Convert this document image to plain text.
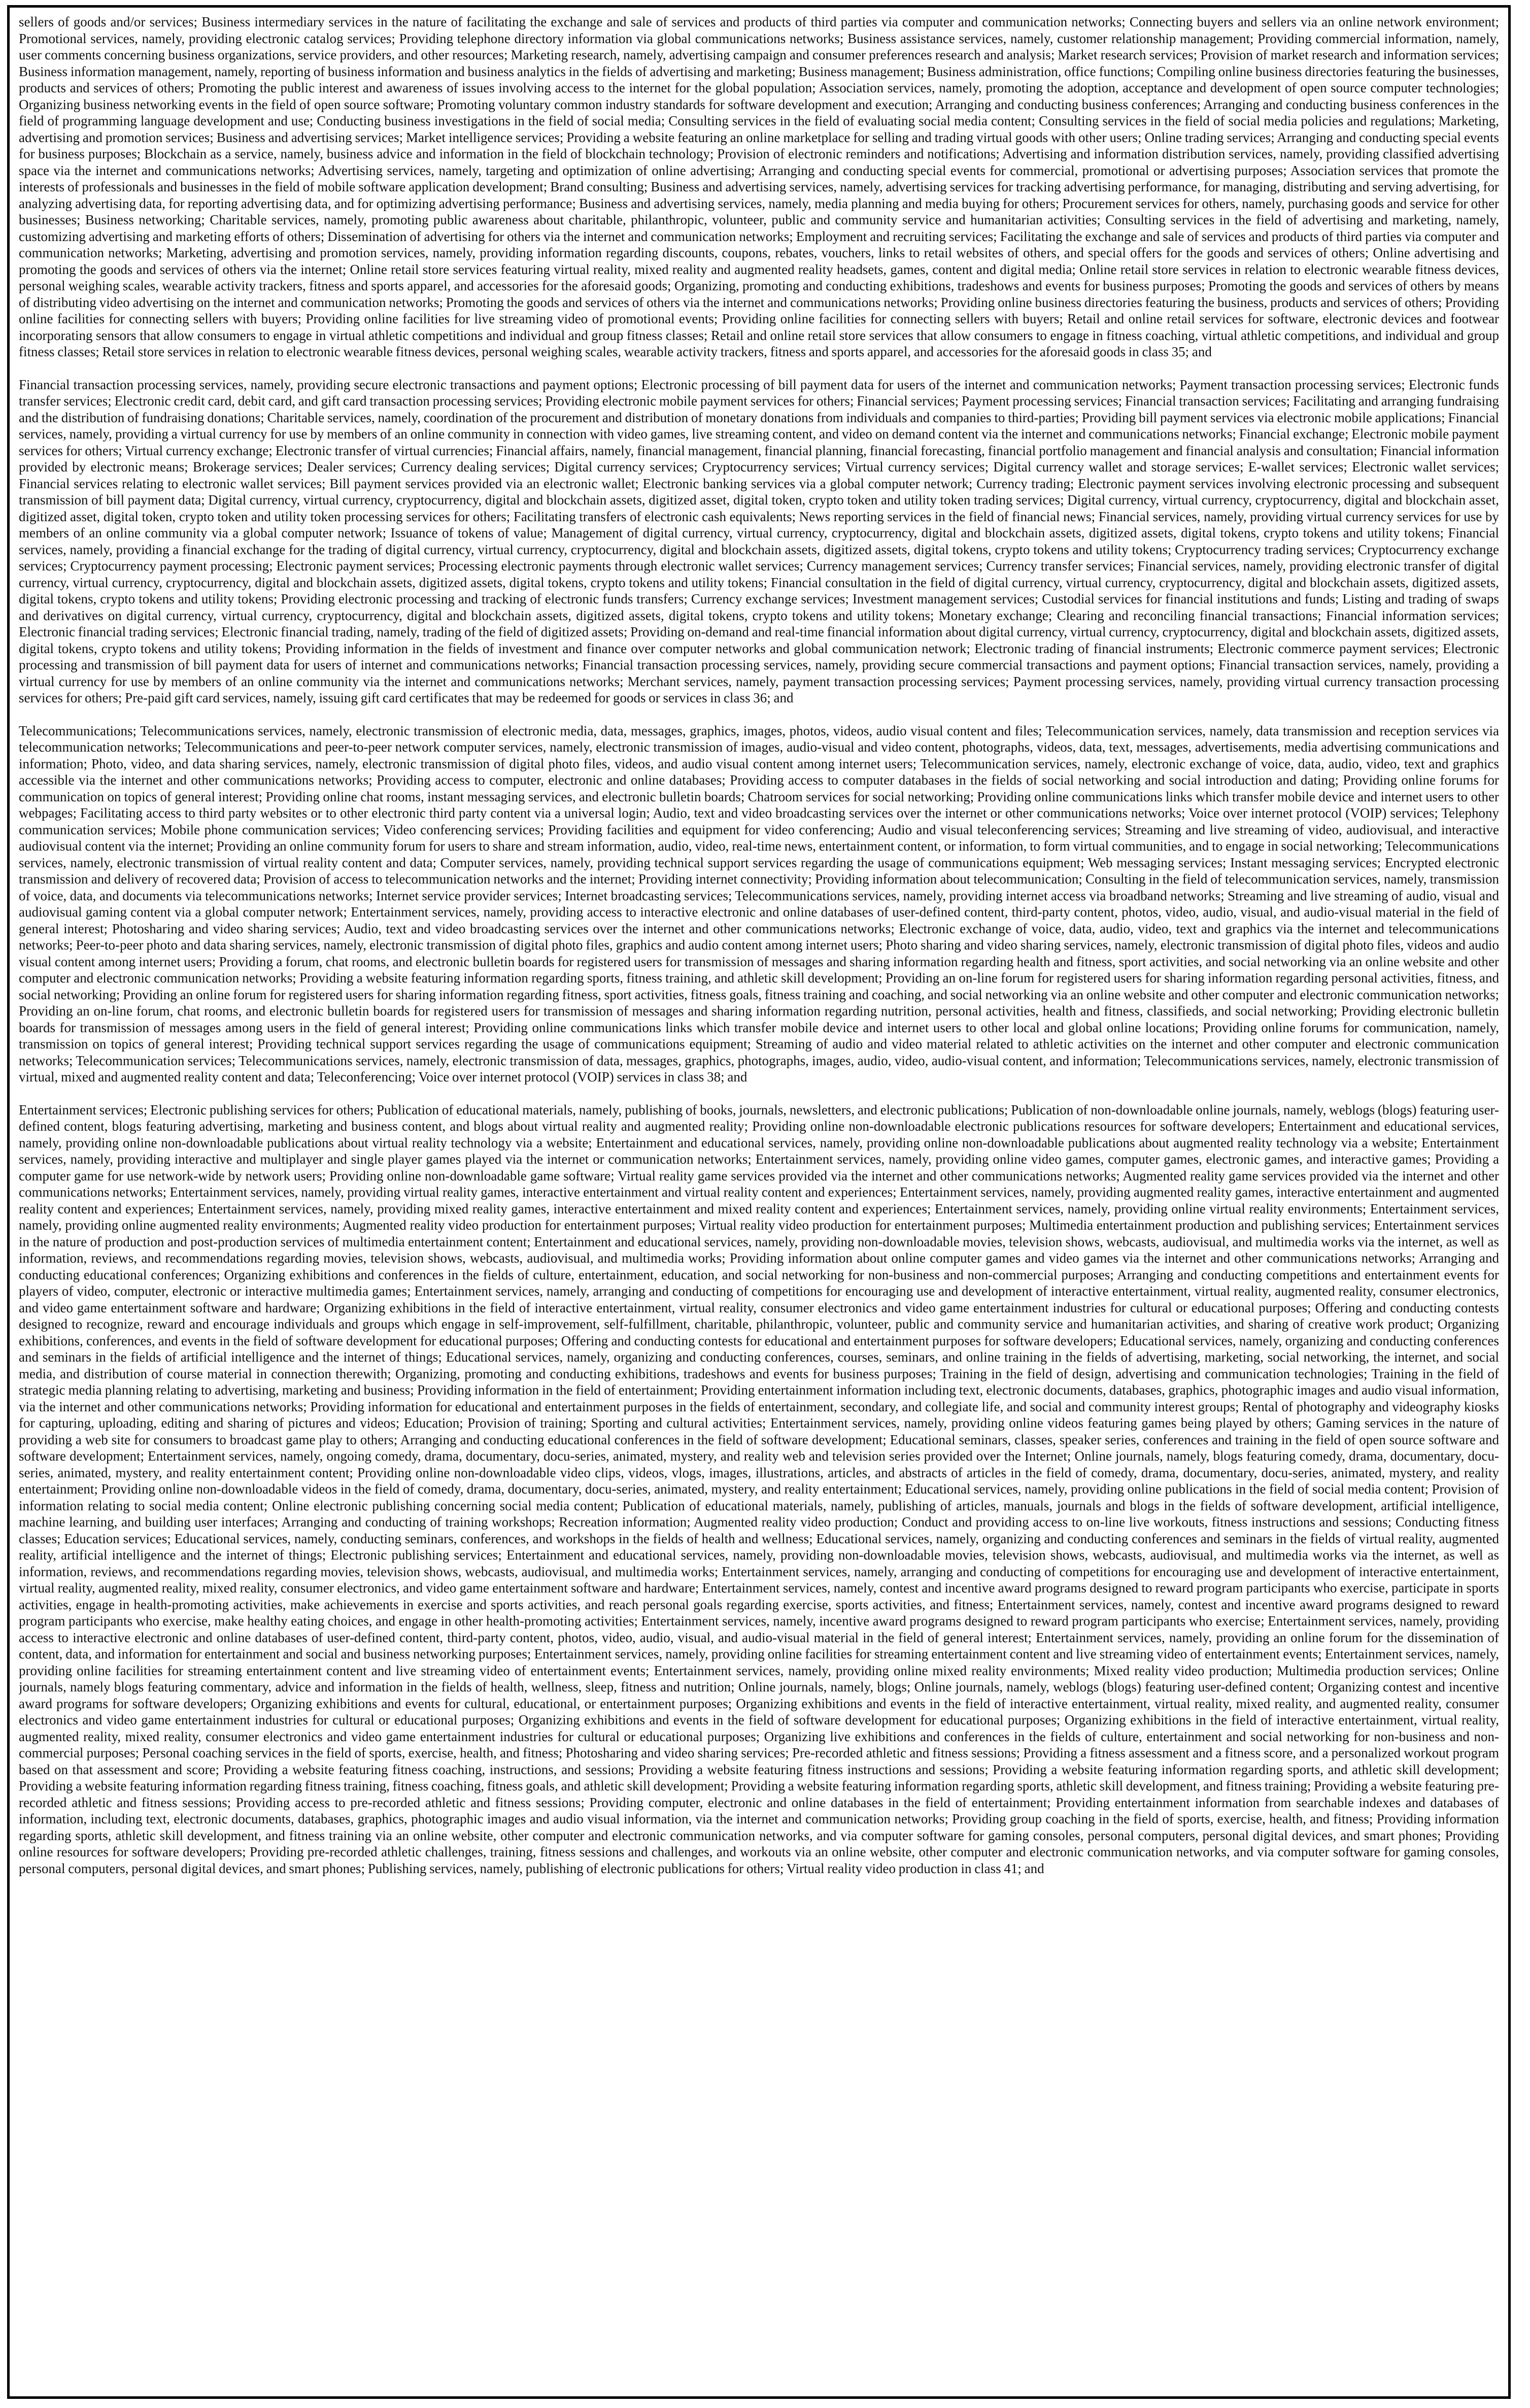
sellers of goods and/or services; Business intermediary services in the nature of facilitating the exchange and sale of services and products of third parties via computer and communication networks; Connecting buyers and sellers via an online network environment; Promotional services, namely, providing electronic catalog services; Providing telephone directory information via global communications networks; Business assistance services, namely, customer relationship management; Providing commercial information, namely, user comments concerning business organizations, service providers, and other resources; Marketing research, namely, advertising campaign and consumer preferences research and analysis; Market research services; Provision of market research and information services; Business information management, namely, reporting of business information and business analytics in the fields of advertising and marketing; Business management; Business administration, office functions; Compiling online business directories featuring the businesses, products and services of others; Promoting the public interest and awareness of issues involving access to the internet for the global population; Association services, namely, promoting the adoption, acceptance and development of open source computer technologies; Organizing business networking events in the field of open source software; Promoting voluntary common industry standards for software development and execution; Arranging and conducting business conferences; Arranging and conducting business conferences in the field of programming language development and use; Conducting business investigations in the field of social media; Consulting services in the field of evaluating social media content; Consulting services in the field of social media policies and regulations; Marketing, advertising and promotion services; Business and advertising services; Market intelligence services; Providing a website featuring an online marketplace for selling and trading virtual goods with other users; Online trading services; Arranging and conducting special events for business purposes; Blockchain as a service, namely, business advice and information in the field of blockchain technology; Provision of electronic reminders and notifications; Advertising and information distribution services, namely, providing classified advertising space via the internet and communications networks; Advertising services, namely, targeting and optimization of online advertising; Arranging and conducting special events for commercial, promotional or advertising purposes; Association services that promote the interests of professionals and businesses in the field of mobile software application development; Brand consulting; Business and advertising services, namely, advertising services for tracking advertising performance, for managing, distributing and serving advertising, for analyzing advertising data, for reporting advertising data, and for optimizing advertising performance; Business and advertising services, namely, media planning and media buying for others; Procurement services for others, namely, purchasing goods and service for other businesses; Business networking; Charitable services, namely, promoting public awareness about charitable, philanthropic, volunteer, public and community service and humanitarian activities; Consulting services in the field of advertising and marketing, namely, customizing advertising and marketing efforts of others; Dissemination of advertising for others via the internet and communication networks; Employment and recruiting services; Facilitating the exchange and sale of services and products of third parties via computer and communication networks; Marketing, advertising and promotion services, namely, providing information regarding discounts, coupons, rebates, vouchers, links to retail websites of others, and special offers for the goods and services of others; Online advertising and promoting the goods and services of others via the internet; Online retail store services featuring virtual reality, mixed reality and augmented reality headsets, games, content and digital media; Online retail store services in relation to electronic wearable fitness devices, personal weighing scales, wearable activity trackers, fitness and sports apparel, and accessories for the aforesaid goods; Organizing, promoting and conducting exhibitions, tradeshows and events for business purposes; Promoting the goods and services of others by means of distributing video advertising on the internet and communication networks; Promoting the goods and services of others via the internet and communications networks; Providing online business directories featuring the business, products and services of others; Providing online facilities for connecting sellers with buyers; Providing online facilities for live streaming video of promotional events; Providing online facilities for connecting sellers with buyers; Retail and online retail services for software, electronic devices and footwear incorporating sensors that allow consumers to engage in virtual athletic competitions and individual and group fitness classes; Retail and online retail store services that allow consumers to engage in fitness coaching, virtual athletic competitions, and individual and group fitness classes; Retail store services in relation to electronic wearable fitness devices, personal weighing scales, wearable activity trackers, fitness and sports apparel, and accessories for the aforesaid goods in class 35; and

Financial transaction processing services, namely, providing secure electronic transactions and payment options; Electronic processing of bill payment data for users of the internet and communication networks; Payment transaction processing services; Electronic funds transfer services; Electronic credit card, debit card, and gift card transaction processing services; Providing electronic mobile payment services for others; Financial services; Payment processing services; Financial transaction services; Facilitating and arranging fundraising and the distribution of fundraising donations; Charitable services, namely, coordination of the procurement and distribution of monetary donations from individuals and companies to third-parties; Providing bill payment services via electronic mobile applications; Financial services, namely, providing a virtual currency for use by members of an online community in connection with video games, live streaming content, and video on demand content via the internet and communications networks; Financial exchange; Electronic mobile payment services for others; Virtual currency exchange; Electronic transfer of virtual currencies; Financial affairs, namely, financial management, financial planning, financial forecasting, financial portfolio management and financial analysis and consultation; Financial information provided by electronic means; Brokerage services; Dealer services; Currency dealing services; Digital currency services; Cryptocurrency services; Virtual currency services; Digital currency wallet and storage services; E-wallet services; Electronic wallet services; Financial services relating to electronic wallet services; Bill payment services provided via an electronic wallet; Electronic banking services via a global computer network; Currency trading; Electronic payment services involving electronic processing and subsequent transmission of bill payment data; Digital currency, virtual currency, cryptocurrency, digital and blockchain assets, digitized asset, digital token, crypto token and utility token trading services; Digital currency, virtual currency, cryptocurrency, digital and blockchain asset, digitized asset, digital token, crypto token and utility token processing services for others; Facilitating transfers of electronic cash equivalents; News reporting services in the field of financial news; Financial services, namely, providing virtual currency services for use by members of an online community via a global computer network; Issuance of tokens of value; Management of digital currency, virtual currency, cryptocurrency, digital and blockchain assets, digitized assets, digital tokens, crypto tokens and utility tokens; Financial services, namely, providing a financial exchange for the trading of digital currency, virtual currency, cryptocurrency, digital and blockchain assets, digitized assets, digital tokens, crypto tokens and utility tokens; Cryptocurrency trading services; Cryptocurrency exchange services; Cryptocurrency payment processing; Electronic payment services; Processing electronic payments through electronic wallet services; Currency management services; Currency transfer services; Financial services, namely, providing electronic transfer of digital currency, virtual currency, cryptocurrency, digital and blockchain assets, digitized assets, digital tokens, crypto tokens and utility tokens; Financial consultation in the field of digital currency, virtual currency, cryptocurrency, digital and blockchain assets, digitized assets, digital tokens, crypto tokens and utility tokens; Providing electronic processing and tracking of electronic funds transfers; Currency exchange services; Investment management services; Custodial services for financial institutions and funds; Listing and trading of swaps and derivatives on digital currency, virtual currency, cryptocurrency, digital and blockchain assets, digitized assets, digital tokens, crypto tokens and utility tokens; Monetary exchange; Clearing and reconciling financial transactions; Financial information services; Electronic financial trading services; Electronic financial trading, namely, trading of the field of digitized assets; Providing on-demand and real-time financial information about digital currency, virtual currency, cryptocurrency, digital and blockchain assets, digitized assets, digital tokens, crypto tokens and utility tokens; Providing information in the fields of investment and finance over computer networks and global communication network; Electronic trading of financial instruments; Electronic commerce payment services; Electronic processing and transmission of bill payment data for users of internet and communications networks; Financial transaction processing services, namely, providing secure commercial transactions and payment options; Financial transaction services, namely, providing a virtual currency for use by members of an online community via the internet and communications networks; Merchant services, namely, payment transaction processing services; Payment processing services, namely, providing virtual currency transaction processing services for others; Pre-paid gift card services, namely, issuing gift card certificates that may be redeemed for goods or services in class 36; and

Telecommunications; Telecommunications services, namely, electronic transmission of electronic media, data, messages, graphics, images, photos, videos, audio visual content and files; Telecommunication services, namely, data transmission and reception services via telecommunication networks; Telecommunications and peer-to-peer network computer services, namely, electronic transmission of images, audio-visual and video content, photographs, videos, data, text, messages, advertisements, media advertising communications and information; Photo, video, and data sharing services, namely, electronic transmission of digital photo files, videos, and audio visual content among internet users; Telecommunication services, namely, electronic exchange of voice, data, audio, video, text and graphics accessible via the internet and other communications networks; Providing access to computer, electronic and online databases; Providing access to computer databases in the fields of social networking and social introduction and dating; Providing online forums for communication on topics of general interest; Providing online chat rooms, instant messaging services, and electronic bulletin boards; Chatroom services for social networking; Providing online communications links which transfer mobile device and internet users to other webpages; Facilitating access to third party websites or to other electronic third party content via a universal login; Audio, text and video broadcasting services over the internet or other communications networks; Voice over internet protocol (VOIP) services; Telephony communication services; Mobile phone communication services; Video conferencing services; Providing facilities and equipment for video conferencing; Audio and visual teleconferencing services; Streaming and live streaming of video, audiovisual, and interactive audiovisual content via the internet; Providing an online community forum for users to share and stream information, audio, video, real-time news, entertainment content, or information, to form virtual communities, and to engage in social networking; Telecommunications services, namely, electronic transmission of virtual reality content and data; Computer services, namely, providing technical support services regarding the usage of communications equipment; Web messaging services; Instant messaging services; Encrypted electronic transmission and delivery of recovered data; Provision of access to telecommunication networks and the internet; Providing internet connectivity; Providing information about telecommunication; Consulting in the field of telecommunication services, namely, transmission of voice, data, and documents via telecommunications networks; Internet service provider services; Internet broadcasting services; Telecommunications services, namely, providing internet access via broadband networks; Streaming and live streaming of audio, visual and audiovisual gaming content via a global computer network; Entertainment services, namely, providing access to interactive electronic and online databases of user-defined content, third-party content, photos, video, audio, visual, and audio-visual material in the field of general interest; Photosharing and video sharing services; Audio, text and video broadcasting services over the internet and other communications networks; Electronic exchange of voice, data, audio, video, text and graphics via the internet and telecommunications networks; Peer-to-peer photo and data sharing services, namely, electronic transmission of digital photo files, graphics and audio content among internet users; Photo sharing and video sharing services, namely, electronic transmission of digital photo files, videos and audio visual content among internet users; Providing a forum, chat rooms, and electronic bulletin boards for registered users for transmission of messages and sharing information regarding health and fitness, sport activities, and social networking via an online website and other computer and electronic communication networks; Providing a website featuring information regarding sports, fitness training, and athletic skill development; Providing an on-line forum for registered users for sharing information regarding personal activities, fitness, and social networking; Providing an online forum for registered users for sharing information regarding fitness, sport activities, fitness goals, fitness training and coaching, and social networking via an online website and other computer and electronic communication networks; Providing an on-line forum, chat rooms, and electronic bulletin boards for registered users for transmission of messages and sharing information regarding nutrition, personal activities, health and fitness, classifieds, and social networking; Providing electronic bulletin boards for transmission of messages among users in the field of general interest; Providing online communications links which transfer mobile device and internet users to other local and global online locations; Providing online forums for communication, namely, transmission on topics of general interest; Providing technical support services regarding the usage of communications equipment; Streaming of audio and video material related to athletic activities on the internet and other computer and electronic communication networks; Telecommunication services; Telecommunications services, namely, electronic transmission of data, messages, graphics, photographs, images, audio, video, audio-visual content, and information; Telecommunications services, namely, electronic transmission of virtual, mixed and augmented reality content and data; Teleconferencing; Voice over internet protocol (VOIP) services in class 38; and

Entertainment services; Electronic publishing services for others; Publication of educational materials, namely, publishing of books, journals, newsletters, and electronic publications; Publication of non-downloadable online journals, namely, weblogs (blogs) featuring user-defined content, blogs featuring advertising, marketing and business content, and blogs about virtual reality and augmented reality; Providing online non-downloadable electronic publications resources for software developers; Entertainment and educational services, namely, providing online non-downloadable publications about virtual reality technology via a website; Entertainment and educational services, namely, providing online non-downloadable publications about augmented reality technology via a website; Entertainment services, namely, providing interactive and multiplayer and single player games played via the internet or communication networks; Entertainment services, namely, providing online video games, computer games, electronic games, and interactive games; Providing a computer game for use network-wide by network users; Providing online non-downloadable game software; Virtual reality game services provided via the internet and other communications networks; Augmented reality game services provided via the internet and other communications networks; Entertainment services, namely, providing virtual reality games, interactive entertainment and virtual reality content and experiences; Entertainment services, namely, providing augmented reality games, interactive entertainment and augmented reality content and experiences; Entertainment services, namely, providing mixed reality games, interactive entertainment and mixed reality content and experiences; Entertainment services, namely, providing online virtual reality environments; Entertainment services, namely, providing online augmented reality environments; Augmented reality video production for entertainment purposes; Virtual reality video production for entertainment purposes; Multimedia entertainment production and publishing services; Entertainment services in the nature of production and post-production services of multimedia entertainment content; Entertainment and educational services, namely, providing non-downloadable movies, television shows, webcasts, audiovisual, and multimedia works via the internet, as well as information, reviews, and recommendations regarding movies, television shows, webcasts, audiovisual, and multimedia works; Providing information about online computer games and video games via the internet and other communications networks; Arranging and conducting educational conferences; Organizing exhibitions and conferences in the fields of culture, entertainment, education, and social networking for non-business and non-commercial purposes; Arranging and conducting competitions and entertainment events for players of video, computer, electronic or interactive multimedia games; Entertainment services, namely, arranging and conducting of competitions for encouraging use and development of interactive entertainment, virtual reality, augmented reality, consumer electronics, and video game entertainment software and hardware; Organizing exhibitions in the field of interactive entertainment, virtual reality, consumer electronics and video game entertainment industries for cultural or educational purposes; Offering and conducting contests designed to recognize, reward and encourage individuals and groups which engage in self-improvement, self-fulfillment, charitable, philanthropic, volunteer, public and community service and humanitarian activities, and sharing of creative work product; Organizing exhibitions, conferences, and events in the field of software development for educational purposes; Offering and conducting contests for educational and entertainment purposes for software developers; Educational services, namely, organizing and conducting conferences and seminars in the fields of artificial intelligence and the internet of things; Educational services, namely, organizing and conducting conferences, courses, seminars, and online training in the fields of advertising, marketing, social networking, the internet, and social media, and distribution of course material in connection therewith; Organizing, promoting and conducting exhibitions, tradeshows and events for business purposes; Training in the field of design, advertising and communication technologies; Training in the field of strategic media planning relating to advertising, marketing and business; Providing information in the field of entertainment; Providing entertainment information including text, electronic documents, databases, graphics, photographic images and audio visual information, via the internet and other communications networks; Providing information for educational and entertainment purposes in the fields of entertainment, secondary, and collegiate life, and social and community interest groups; Rental of photography and videography kiosks for capturing, uploading, editing and sharing of pictures and videos; Education; Provision of training; Sporting and cultural activities; Entertainment services, namely, providing online videos featuring games being played by others; Gaming services in the nature of providing a web site for consumers to broadcast game play to others; Arranging and conducting educational conferences in the field of software development; Educational seminars, classes, speaker series, conferences and training in the field of open source software and software development; Entertainment services, namely, ongoing comedy, drama, documentary, docu-series, animated, mystery, and reality web and television series provided over the Internet; Online journals, namely, blogs featuring comedy, drama, documentary, docu-series, animated, mystery, and reality entertainment content; Providing online non-downloadable video clips, videos, vlogs, images, illustrations, articles, and abstracts of articles in the field of comedy, drama, documentary, docu-series, animated, mystery, and reality entertainment; Providing online non-downloadable videos in the field of comedy, drama, documentary, docu-series, animated, mystery, and reality entertainment; Educational services, namely, providing online publications in the field of social media content; Provision of information relating to social media content; Online electronic publishing concerning social media content; Publication of educational materials, namely, publishing of articles, manuals, journals and blogs in the fields of software development, artificial intelligence, machine learning, and building user interfaces; Arranging and conducting of training workshops; Recreation information; Augmented reality video production; Conduct and providing access to on-line live workouts, fitness instructions and sessions; Conducting fitness classes; Education services; Educational services, namely, conducting seminars, conferences, and workshops in the fields of health and wellness; Educational services, namely, organizing and conducting conferences and seminars in the fields of virtual reality, augmented reality, artificial intelligence and the internet of things; Electronic publishing services; Entertainment and educational services, namely, providing non-downloadable movies, television shows, webcasts, audiovisual, and multimedia works via the internet, as well as information, reviews, and recommendations regarding movies, television shows, webcasts, audiovisual, and multimedia works; Entertainment services, namely, arranging and conducting of competitions for encouraging use and development of interactive entertainment, virtual reality, augmented reality, mixed reality, consumer electronics, and video game entertainment software and hardware; Entertainment services, namely, contest and incentive award programs designed to reward program participants who exercise, participate in sports activities, engage in health-promoting activities, make achievements in exercise and sports activities, and reach personal goals regarding exercise, sports activities, and fitness; Entertainment services, namely, contest and incentive award programs designed to reward program participants who exercise, make healthy eating choices, and engage in other health-promoting activities; Entertainment services, namely, incentive award programs designed to reward program participants who exercise; Entertainment services, namely, providing access to interactive electronic and online databases of user-defined content, third-party content, photos, video, audio, visual, and audio-visual material in the field of general interest; Entertainment services, namely, providing an online forum for the dissemination of content, data, and information for entertainment and social and business networking purposes; Entertainment services, namely, providing online facilities for streaming entertainment content and live streaming video of entertainment events; Entertainment services, namely, providing online facilities for streaming entertainment content and live streaming video of entertainment events; Entertainment services, namely, providing online mixed reality environments; Mixed reality video production; Multimedia production services; Online journals, namely blogs featuring commentary, advice and information in the fields of health, wellness, sleep, fitness and nutrition; Online journals, namely, blogs; Online journals, namely, weblogs (blogs) featuring user-defined content; Organizing contest and incentive award programs for software developers; Organizing exhibitions and events for cultural, educational, or entertainment purposes; Organizing exhibitions and events in the field of interactive entertainment, virtual reality, mixed reality, and augmented reality, consumer electronics and video game entertainment industries for cultural or educational purposes; Organizing exhibitions and events in the field of software development for educational purposes; Organizing exhibitions in the field of interactive entertainment, virtual reality, augmented reality, mixed reality, consumer electronics and video game entertainment industries for cultural or educational purposes; Organizing live exhibitions and conferences in the fields of culture, entertainment and social networking for non-business and non-commercial purposes; Personal coaching services in the field of sports, exercise, health, and fitness; Photosharing and video sharing services; Pre-recorded athletic and fitness sessions; Providing a fitness assessment and a fitness score, and a personalized workout program based on that assessment and score; Providing a website featuring fitness coaching, instructions, and sessions; Providing a website featuring fitness instructions and sessions; Providing a website featuring information regarding sports, and athletic skill development; Providing a website featuring information regarding fitness training, fitness coaching, fitness goals, and athletic skill development; Providing a website featuring information regarding sports, athletic skill development, and fitness training; Providing a website featuring pre-recorded athletic and fitness sessions; Providing access to pre-recorded athletic and fitness sessions; Providing computer, electronic and online databases in the field of entertainment; Providing entertainment information from searchable indexes and databases of information, including text, electronic documents, databases, graphics, photographic images and audio visual information, via the internet and communication networks; Providing group coaching in the field of sports, exercise, health, and fitness; Providing information regarding sports, athletic skill development, and fitness training via an online website, other computer and electronic communication networks, and via computer software for gaming consoles, personal computers, personal digital devices, and smart phones; Providing online resources for software developers; Providing pre-recorded athletic challenges, training, fitness sessions and challenges, and workouts via an online website, other computer and electronic communication networks, and via computer software for gaming consoles, personal computers, personal digital devices, and smart phones; Publishing services, namely, publishing of electronic publications for others; Virtual reality video production in class 41; and
